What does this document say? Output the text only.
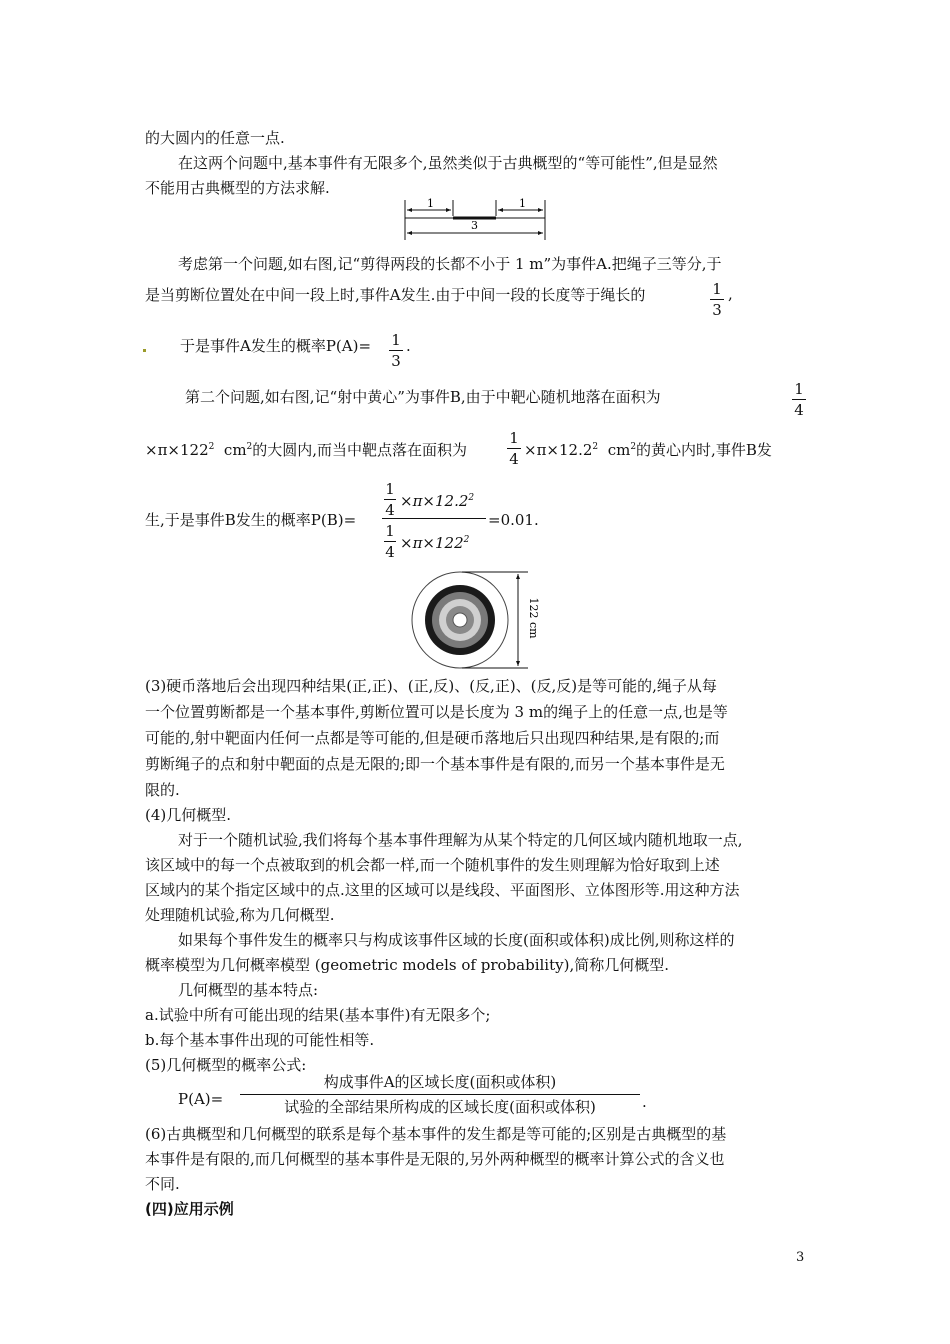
的大圆内的任意一点.
在这两个问题中,基本事件有无限多个,虽然类似于古典概型的“等可能性”,但是显然
不能用古典概型的方法求解.
1	1
3
考虑第一个问题,如右图,记“剪得两段的长都不小于 1 m”为事件A.把绳子三等分,于
是当剪断位置处在中间一段上时,事件A发生.由于中间一段的长度等于绳长的	1
3
,
于是事件A发生的概率P(A)= 1
3
.
第二个问题,如右图,记“射中黄心”为事件B,由于中靶心随机地落在面积为	1
4
$\times\pi\times 122^2$ $cm^2$的大圆内,而当中靶点落在面积为
1
$4 \times\pi\times 12.2^2$ $cm^2$的黄心内时,事件B发
生,于是事件B发生的概率P(B)=
1
$4 \times\pi\times 12.2^2$
1
$4 \times\pi\times 122^2$
=0.01.
122 cm
(3)硬币落地后会出现四种结果(正,正)、(正,反)、(反,正)、(反,反)是等可能的,绳子从每
一个位置剪断都是一个基本事件,剪断位置可以是长度为 3 m的绳子上的任意一点,也是等
可能的,射中靶面内任何一点都是等可能的,但是硬币落地后只出现四种结果,是有限的;而
剪断绳子的点和射中靶面的点是无限的;即一个基本事件是有限的,而另一个基本事件是无
限的.
(4)几何概型.
对于一个随机试验,我们将每个基本事件理解为从某个特定的几何区域内随机地取一点,
该区域中的每一个点被取到的机会都一样,而一个随机事件的发生则理解为恰好取到上述
区域内的某个指定区域中的点.这里的区域可以是线段、平面图形、立体图形等.用这种方法
处理随机试验,称为几何概型.
如果每个事件发生的概率只与构成该事件区域的长度(面积或体积)成比例,则称这样的
概率模型为几何概率模型 (geometric models of probability),简称几何概型.
几何概型的基本特点:
a.试验中所有可能出现的结果(基本事件)有无限多个;
b.每个基本事件出现的可能性相等.
(5)几何概型的概率公式:
P(A)=
构成事件A的区域长度(面积或体积)
试验的全部结果所构成的区域长度(面积或体积)	.
(6)古典概型和几何概型的联系是每个基本事件的发生都是等可能的;区别是古典概型的基
本事件是有限的,而几何概型的基本事件是无限的,另外两种概型的概率计算公式的含义也
不同.
(四)应用示例
3
